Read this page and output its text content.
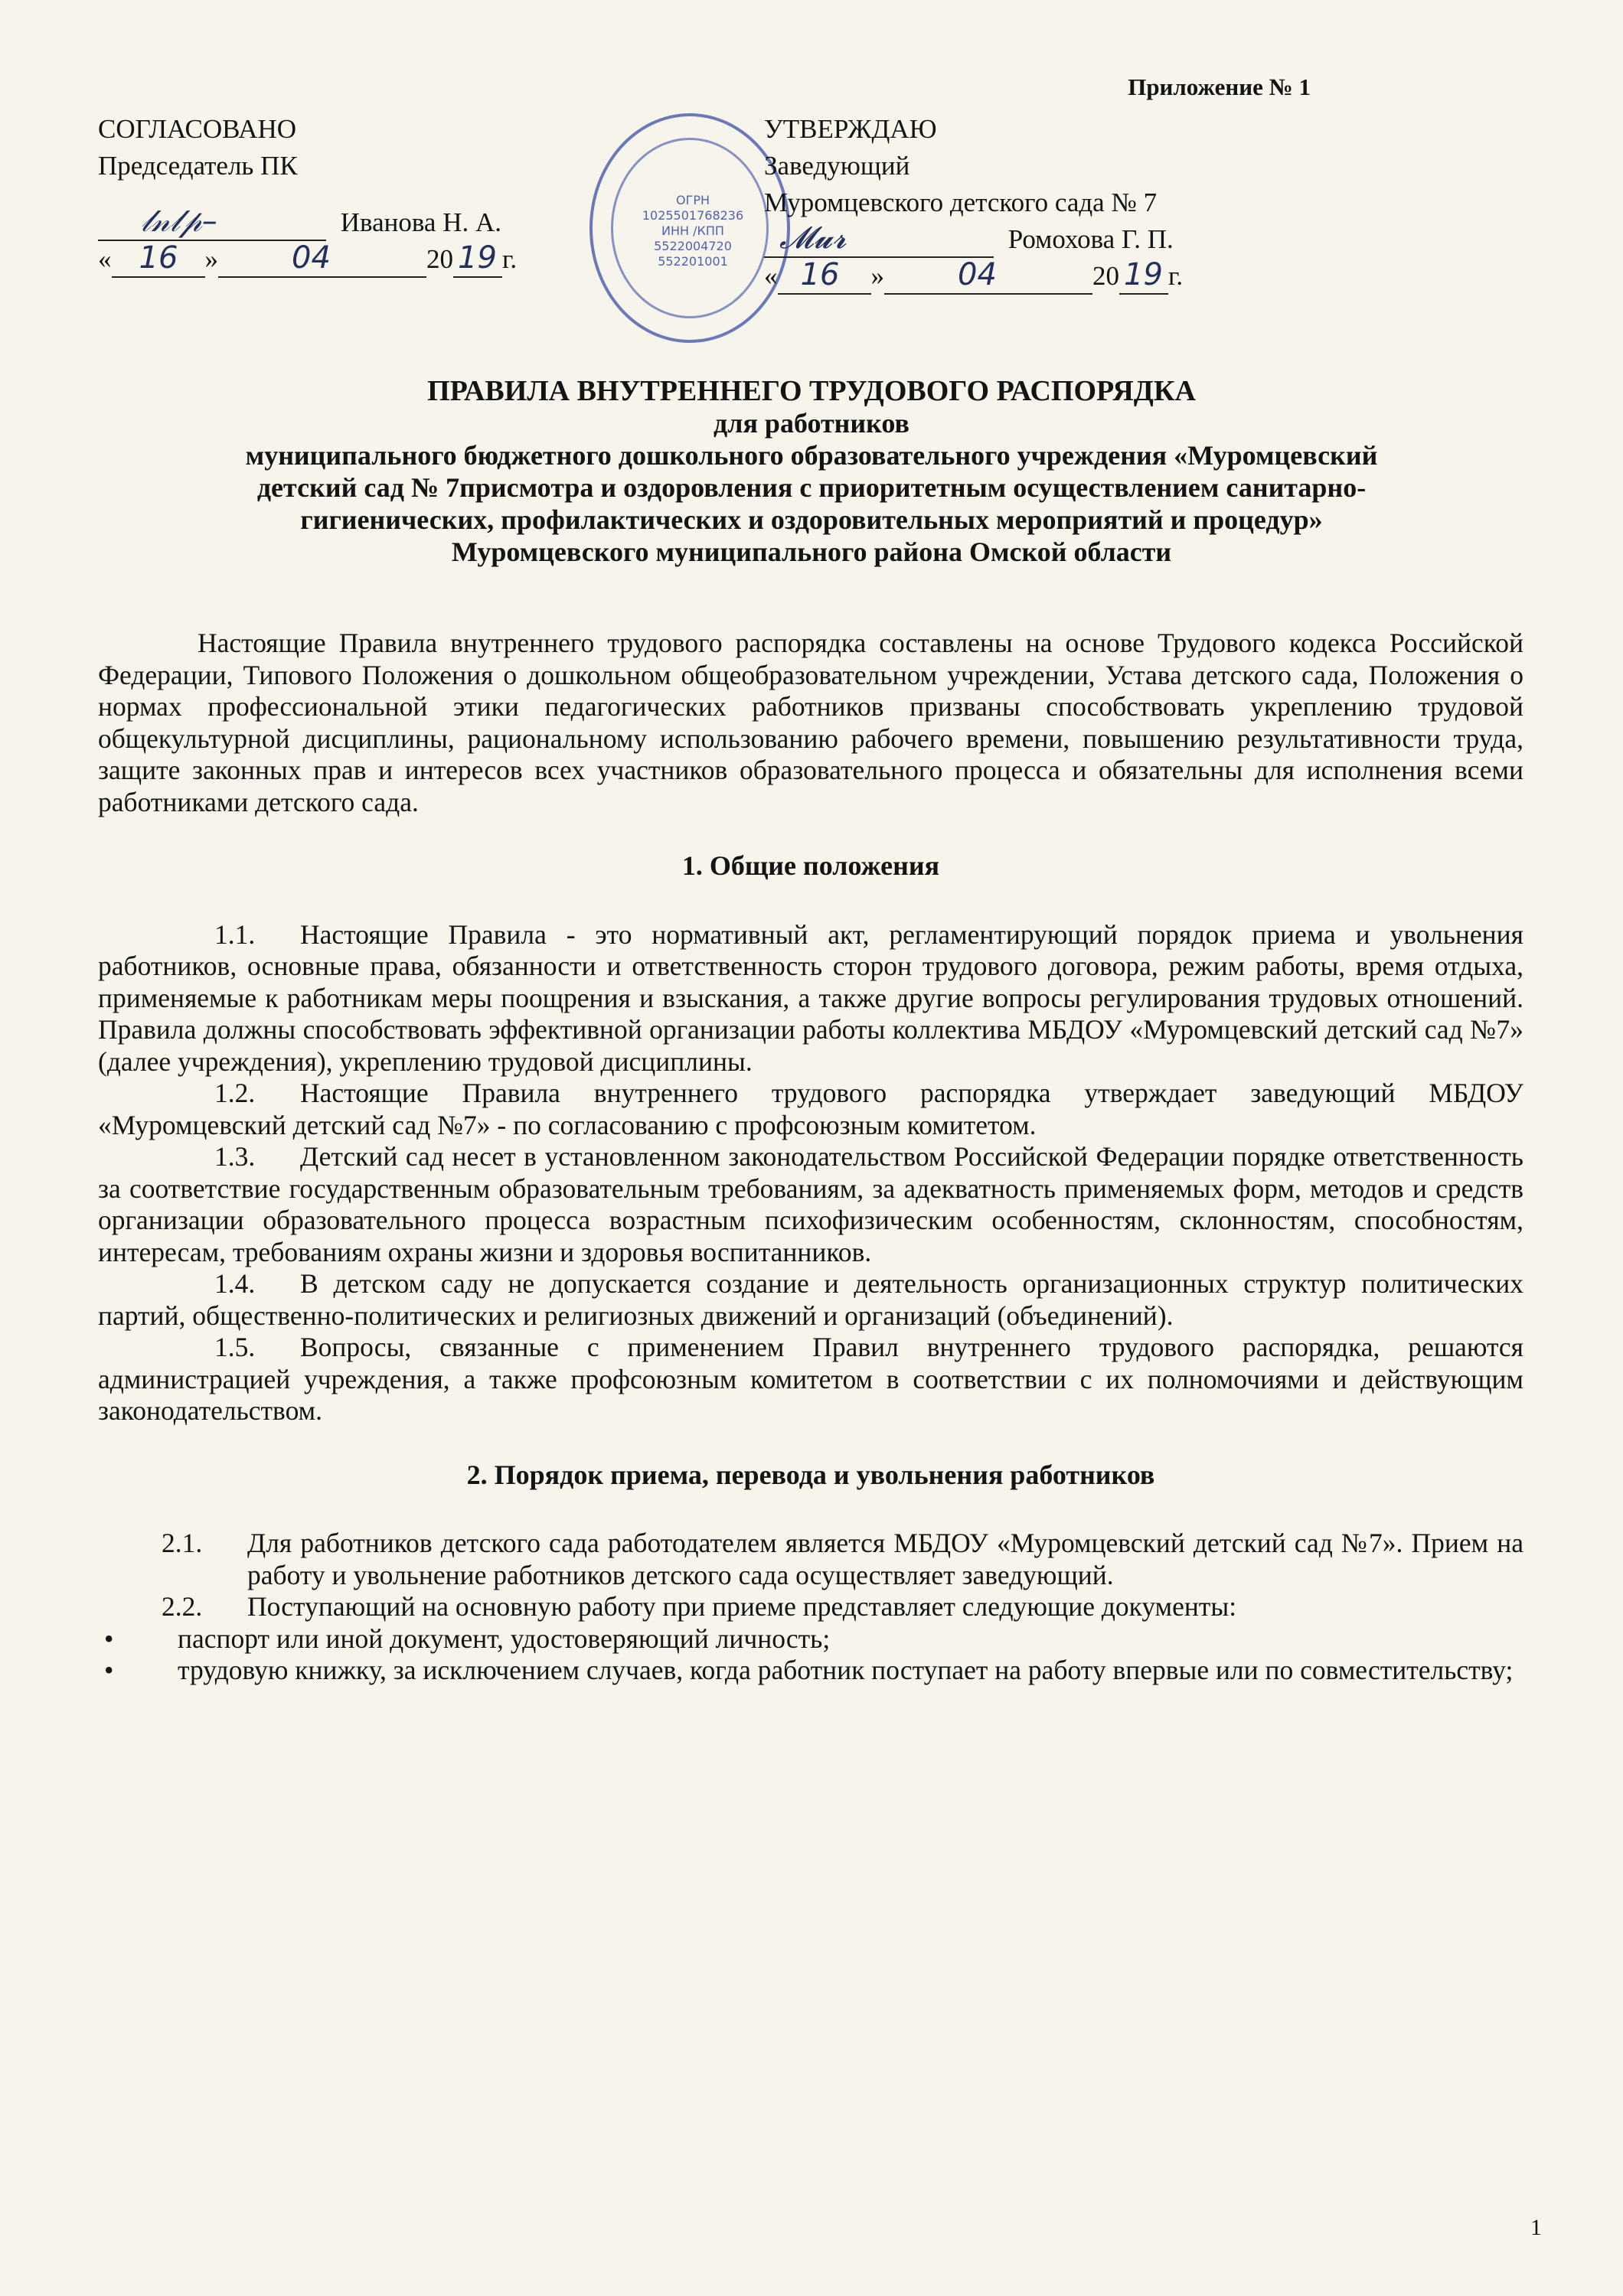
Приложение № 1
СОГЛАСОВАНО
Председатель ПК
𝓁𝓃𝓁𝓅–	Иванова Н. А.
« 16 » 04	20 19 г.
ОГРН
1025501768236
ИНН /КПП
5522004720
552201001
УТВЕРЖДАЮ
Заведующий
Муромцевского детского сада № 7
𝓜𝓾𝓻	Ромохова Г. П.
« 16 » 04	20 19 г.
ПРАВИЛА ВНУТРЕННЕГО ТРУДОВОГО РАСПОРЯДКА
для работников
муниципального бюджетного дошкольного образовательного учреждения «Муромцевский
детский сад № 7присмотра и оздоровления с приоритетным осуществлением санитарно-
гигиенических, профилактических и оздоровительных мероприятий и процедур»
Муромцевского муниципального района Омской области

Настоящие Правила внутреннего трудового распорядка составлены на основе Трудового кодекса Российской Федерации, Типового Положения о дошкольном общеобразовательном учреждении, Устава детского сада, Положения о нормах профессиональной этики педагогических работников призваны способствовать укреплению трудовой общекультурной дисциплины, рациональному использованию рабочего времени, повышению результативности труда, защите законных прав и интересов всех участников образовательного процесса и обязательны для исполнения всеми работниками детского сада.

1. Общие положения

1.1. Настоящие Правила - это нормативный акт, регламентирующий порядок приема и увольнения работников, основные права, обязанности и ответственность сторон трудового договора, режим работы, время отдыха, применяемые к работникам меры поощрения и взыскания, а также другие вопросы регулирования трудовых отношений. Правила должны способствовать эффективной организации работы коллектива МБДОУ «Муромцевский детский сад №7» (далее учреждения), укреплению трудовой дисциплины.

1.2. Настоящие Правила внутреннего трудового распорядка утверждает заведующий МБДОУ «Муромцевский детский сад №7» - по согласованию с профсоюзным комитетом.

1.3. Детский сад несет в установленном законодательством Российской Федерации порядке ответственность за соответствие государственным образовательным требованиям, за адекватность применяемых форм, методов и средств организации образовательного процесса возрастным психофизическим особенностям, склонностям, способностям, интересам, требованиям охраны жизни и здоровья воспитанников.

1.4. В детском саду не допускается создание и деятельность организационных структур политических партий, общественно-политических и религиозных движений и организаций (объединений).

1.5. Вопросы, связанные с применением Правил внутреннего трудового распорядка, решаются администрацией учреждения, а также профсоюзным комитетом в соответствии с их полномочиями и действующим законодательством.

2. Порядок приема, перевода и увольнения работников

2.1. Для работников детского сада работодателем является МБДОУ «Муромцевский детский сад №7». Прием на работу и увольнение работников детского сада осуществляет заведующий.

2.2. Поступающий на основную работу при приеме представляет следующие документы:

• паспорт или иной документ, удостоверяющий личность;

• трудовую книжку, за исключением случаев, когда работник поступает на работу впервые или по совместительству;

1
